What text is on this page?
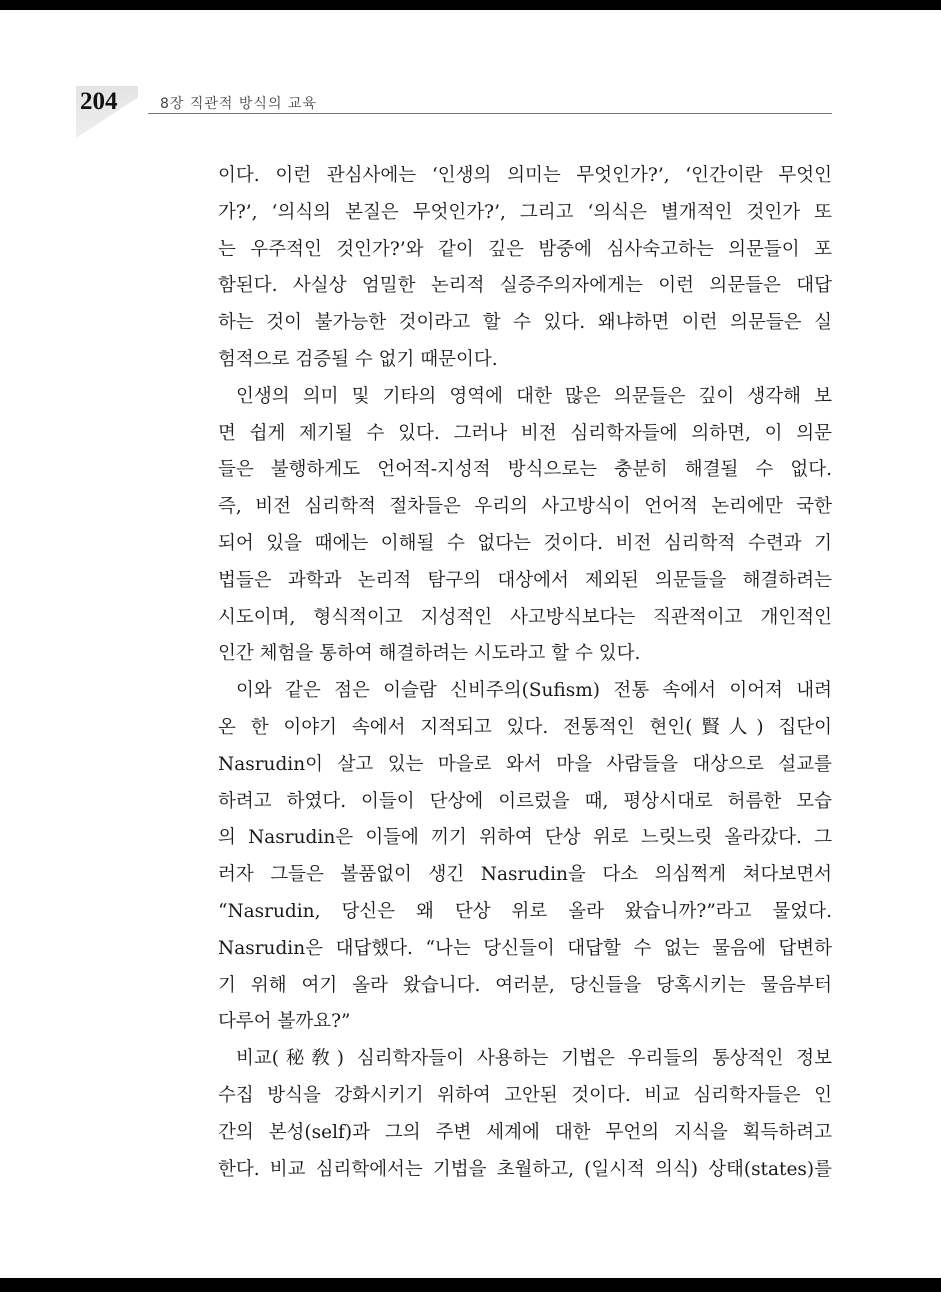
204	8장 직관적 방식의 교육
이다. 이런 관심사에는 ‘인생의 의미는 무엇인가?’, ‘인간이란 무엇인
가?’, ‘의식의 본질은 무엇인가?’, 그리고 ‘의식은 별개적인 것인가 또
는 우주적인 것인가?’와 같이 깊은 밤중에 심사숙고하는 의문들이 포
함된다. 사실상 엄밀한 논리적 실증주의자에게는 이런 의문들은 대답
하는 것이 불가능한 것이라고 할 수 있다. 왜냐하면 이런 의문들은 실
험적으로 검증될 수 없기 때문이다.
인생의 의미 및 기타의 영역에 대한 많은 의문들은 깊이 생각해 보
면 쉽게 제기될 수 있다. 그러나 비전 심리학자들에 의하면, 이 의문
들은 불행하게도 언어적-지성적 방식으로는 충분히 해결될 수 없다.
즉, 비전 심리학적 절차들은 우리의 사고방식이 언어적 논리에만 국한
되어 있을 때에는 이해될 수 없다는 것이다. 비전 심리학적 수련과 기
법들은 과학과 논리적 탐구의 대상에서 제외된 의문들을 해결하려는
시도이며, 형식적이고 지성적인 사고방식보다는 직관적이고 개인적인
인간 체험을 통하여 해결하려는 시도라고 할 수 있다.
이와 같은 점은 이슬람 신비주의(Sufism) 전통 속에서 이어져 내려
온 한 이야기 속에서 지적되고 있다. 전통적인 현인(賢人) 집단이
Nasrudin이 살고 있는 마을로 와서 마을 사람들을 대상으로 설교를
하려고 하였다. 이들이 단상에 이르렀을 때, 평상시대로 허름한 모습
의 Nasrudin은 이들에 끼기 위하여 단상 위로 느릿느릿 올라갔다. 그
러자 그들은 볼품없이 생긴 Nasrudin을 다소 의심쩍게 쳐다보면서
“Nasrudin, 당신은 왜 단상 위로 올라 왔습니까?”라고 물었다.
Nasrudin은 대답했다. “나는 당신들이 대답할 수 없는 물음에 답변하
기 위해 여기 올라 왔습니다. 여러분, 당신들을 당혹시키는 물음부터
다루어 볼까요?”
비교(秘敎) 심리학자들이 사용하는 기법은 우리들의 통상적인 정보
수집 방식을 강화시키기 위하여 고안된 것이다. 비교 심리학자들은 인
간의 본성(self)과 그의 주변 세계에 대한 무언의 지식을 획득하려고
한다. 비교 심리학에서는 기법을 초월하고, (일시적 의식) 상태(states)를
